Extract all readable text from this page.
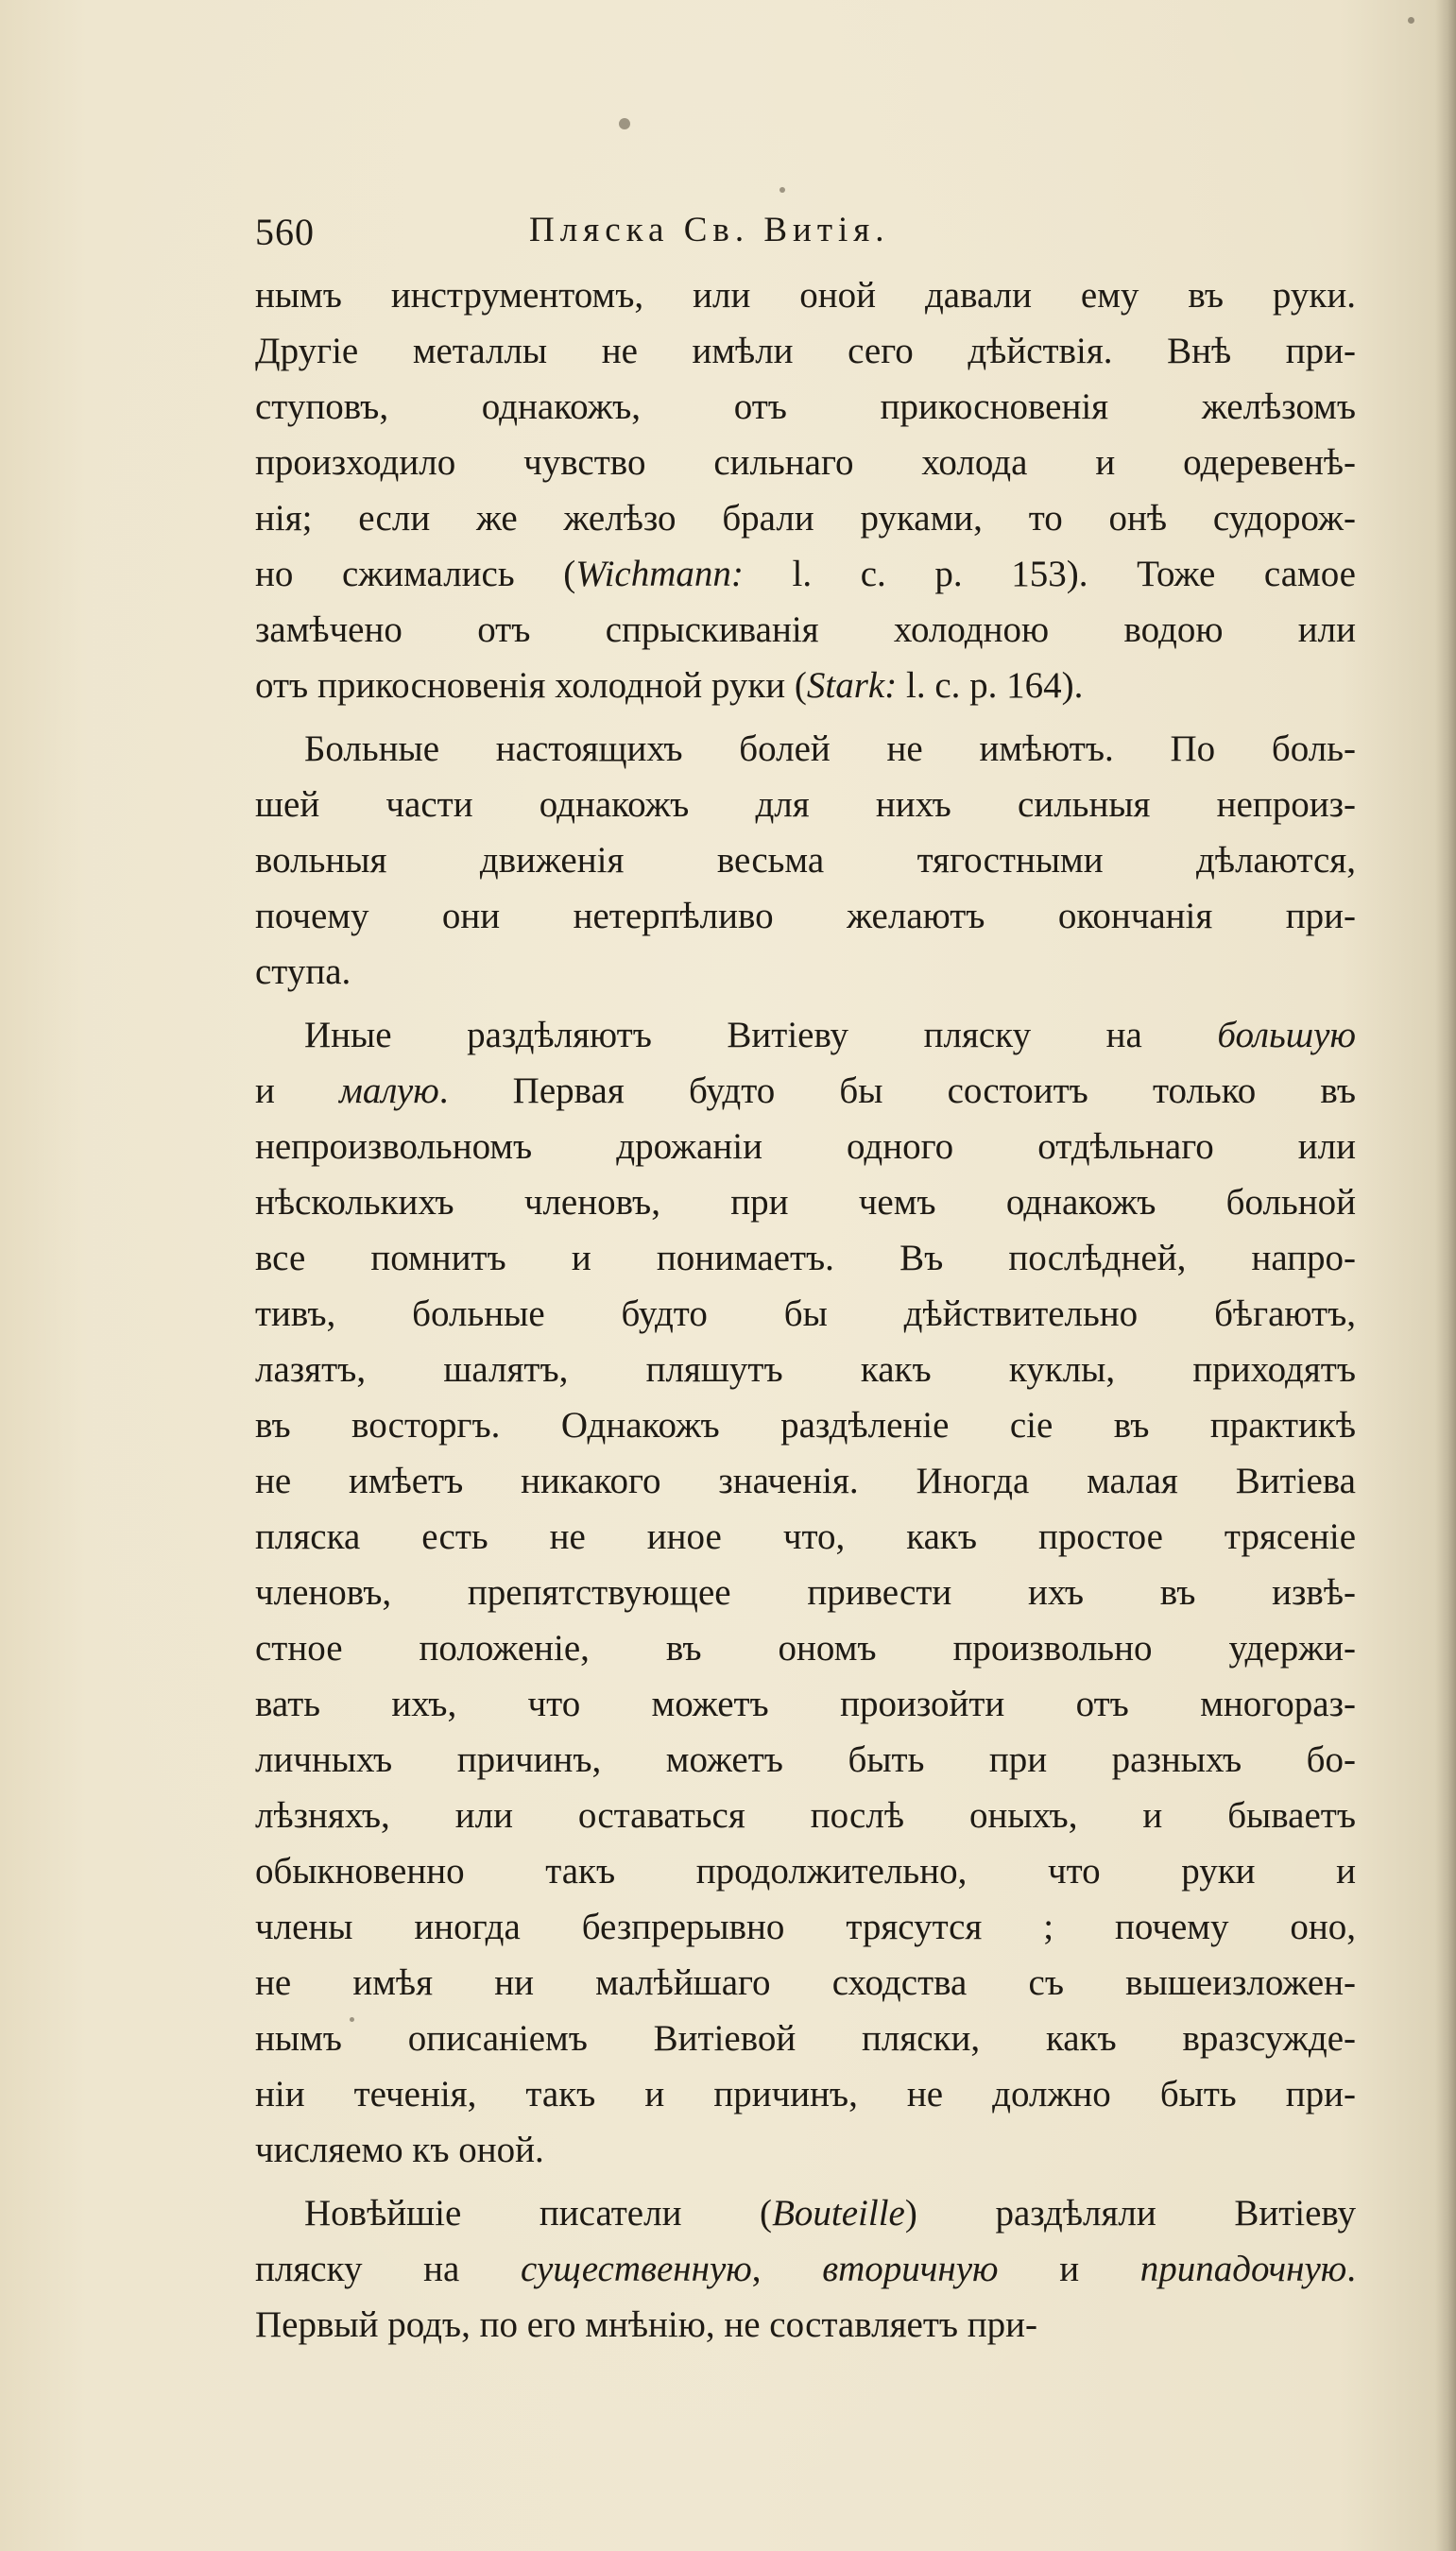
560	Пляска Св. Витія.
нымъ инструментомъ, или оной давали ему въ руки.
Другіе металлы не имѣли сего дѣйствія. Внѣ при-
ступовъ, однакожъ, отъ прикосновенія желѣзомъ
произходило чувство сильнаго холода и одеревенѣ-
нія; если же желѣзо брали руками, то онѣ судорож-
но сжимались (Wichmann: l. c. p. 153). Тоже самое
замѣчено отъ спрыскиванія холодною водою или
отъ прикосновенія холодной руки (Stark: l. c. p. 164).
Больные настоящихъ болей не имѣютъ. По боль-
шей части однакожъ для нихъ сильныя непроиз-
вольныя движенія весьма тягостными дѣлаются,
почему они нетерпѣливо желаютъ окончанія при-
ступа.
Иные раздѣляютъ Витіеву пляску на большую
и малую. Первая будто бы состоитъ только въ
непроизвольномъ дрожаніи одного отдѣльнаго или
нѣсколькихъ членовъ, при чемъ однакожъ больной
все помнитъ и понимаетъ. Въ послѣдней, напро-
тивъ, больные будто бы дѣйствительно бѣгаютъ,
лазятъ, шалятъ, пляшутъ какъ куклы, приходятъ
въ восторгъ. Однакожъ раздѣленіе сіе въ практикѣ
не имѣетъ никакого значенія. Иногда малая Витіева
пляска есть не иное что, какъ простое трясеніе
членовъ, препятствующее привести ихъ въ извѣ-
стное положеніе, въ ономъ произвольно удержи-
вать ихъ, что можетъ произойти отъ многораз-
личныхъ причинъ, можетъ быть при разныхъ бо-
лѣзняхъ, или оставаться послѣ оныхъ, и бываетъ
обыкновенно такъ продолжительно, что руки и
члены иногда безпрерывно трясутся ; почему оно,
не имѣя ни малѣйшаго сходства съ вышеизложен-
нымъ описаніемъ Витіевой пляски, какъ вразсужде-
ніи теченія, такъ и причинъ, не должно быть при-
числяемо къ оной.
Новѣйшіе писатели (Bouteille) раздѣляли Витіеву
пляску на существенную, вторичную и припадочную.
Первый родъ, по его мнѣнію, не составляетъ при-
